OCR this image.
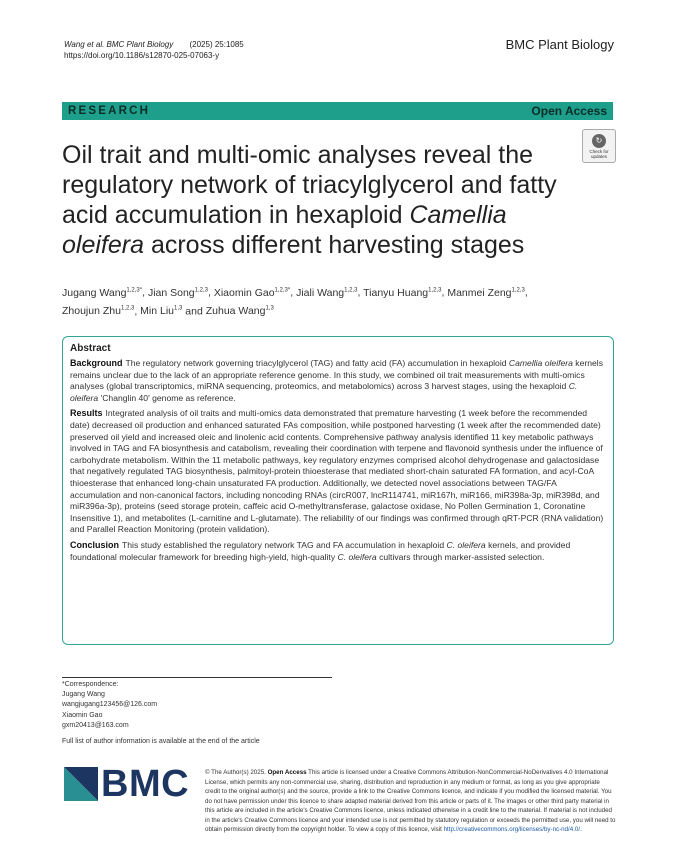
Wang et al. BMC Plant Biology (2025) 25:1085
https://doi.org/10.1186/s12870-025-07063-y
BMC Plant Biology
RESEARCH	Open Access
Oil trait and multi-omic analyses reveal the regulatory network of triacylglycerol and fatty acid accumulation in hexaploid Camellia oleifera across different harvesting stages
↻
Check for updates
Jugang Wang$^{1,2,3*}$, Jian Song$^{1,2,3}$, Xiaomin Gao$^{1,2,3*}$, Jiali Wang$^{1,2,3}$, Tianyu Huang$^{1,2,3}$, Manmei Zeng$^{1,2,3}$,
Zhoujun Zhu$^{1,2,3}$, Min Liu$^{1,3}$ and Zuhua Wang$^{1,3}$
Abstract

Background The regulatory network governing triacylglycerol (TAG) and fatty acid (FA) accumulation in hexaploid Camellia oleifera kernels remains unclear due to the lack of an appropriate reference genome. In this study, we combined oil trait measurements with multi-omics analyses (global transcriptomics, miRNA sequencing, proteomics, and metabolomics) across 3 harvest stages, using the hexaploid C. oleifera 'Changlin 40' genome as reference.

Results Integrated analysis of oil traits and multi-omics data demonstrated that premature harvesting (1 week before the recommended date) decreased oil production and enhanced saturated FAs composition, while postponed harvesting (1 week after the recommended date) preserved oil yield and increased oleic and linolenic acid contents. Comprehensive pathway analysis identified 11 key metabolic pathways involved in TAG and FA biosynthesis and catabolism, revealing their coordination with terpene and flavonoid synthesis under the influence of carbohydrate metabolism. Within the 11 metabolic pathways, key regulatory enzymes comprised alcohol dehydrogenase and galactosidase that negatively regulated TAG biosynthesis, palmitoyl-protein thioesterase that mediated short-chain saturated FA formation, and acyl-CoA thioesterase that enhanced long-chain unsaturated FA production. Additionally, we detected novel associations between TAG/FA accumulation and non-canonical factors, including noncoding RNAs (circR007, lncR114741, miR167h, miR166, miR398a-3p, miR398d, and miR396a-3p), proteins (seed storage protein, caffeic acid O-methyltransferase, galactose oxidase, No Pollen Germination 1, Coronatine Insensitive 1), and metabolites (L-carnitine and L-glutamate). The reliability of our findings was confirmed through qRT-PCR (RNA validation) and Parallel Reaction Monitoring (protein validation).

Conclusion This study established the regulatory network TAG and FA accumulation in hexaploid C. oleifera kernels, and provided foundational molecular framework for breeding high-yield, high-quality C. oleifera cultivars through marker-assisted selection.

*Correspondence:
Jugang Wang
wangjugang123456@126.com
Xiaomin Gao
gxm20413@163.com
Full list of author information is available at the end of the article
BMC	© The Author(s) 2025. Open Access This article is licensed under a Creative Commons Attribution-NonCommercial-NoDerivatives 4.0 International License, which permits any non-commercial use, sharing, distribution and reproduction in any medium or format, as long as you give appropriate credit to the original author(s) and the source, provide a link to the Creative Commons licence, and indicate if you modified the licensed material. You do not have permission under this licence to share adapted material derived from this article or parts of it. The images or other third party material in this article are included in the article's Creative Commons licence, unless indicated otherwise in a credit line to the material. If material is not included in the article's Creative Commons licence and your intended use is not permitted by statutory regulation or exceeds the permitted use, you will need to obtain permission directly from the copyright holder. To view a copy of this licence, visit http://creativecommons.org/licenses/by-nc-nd/4.0/.
